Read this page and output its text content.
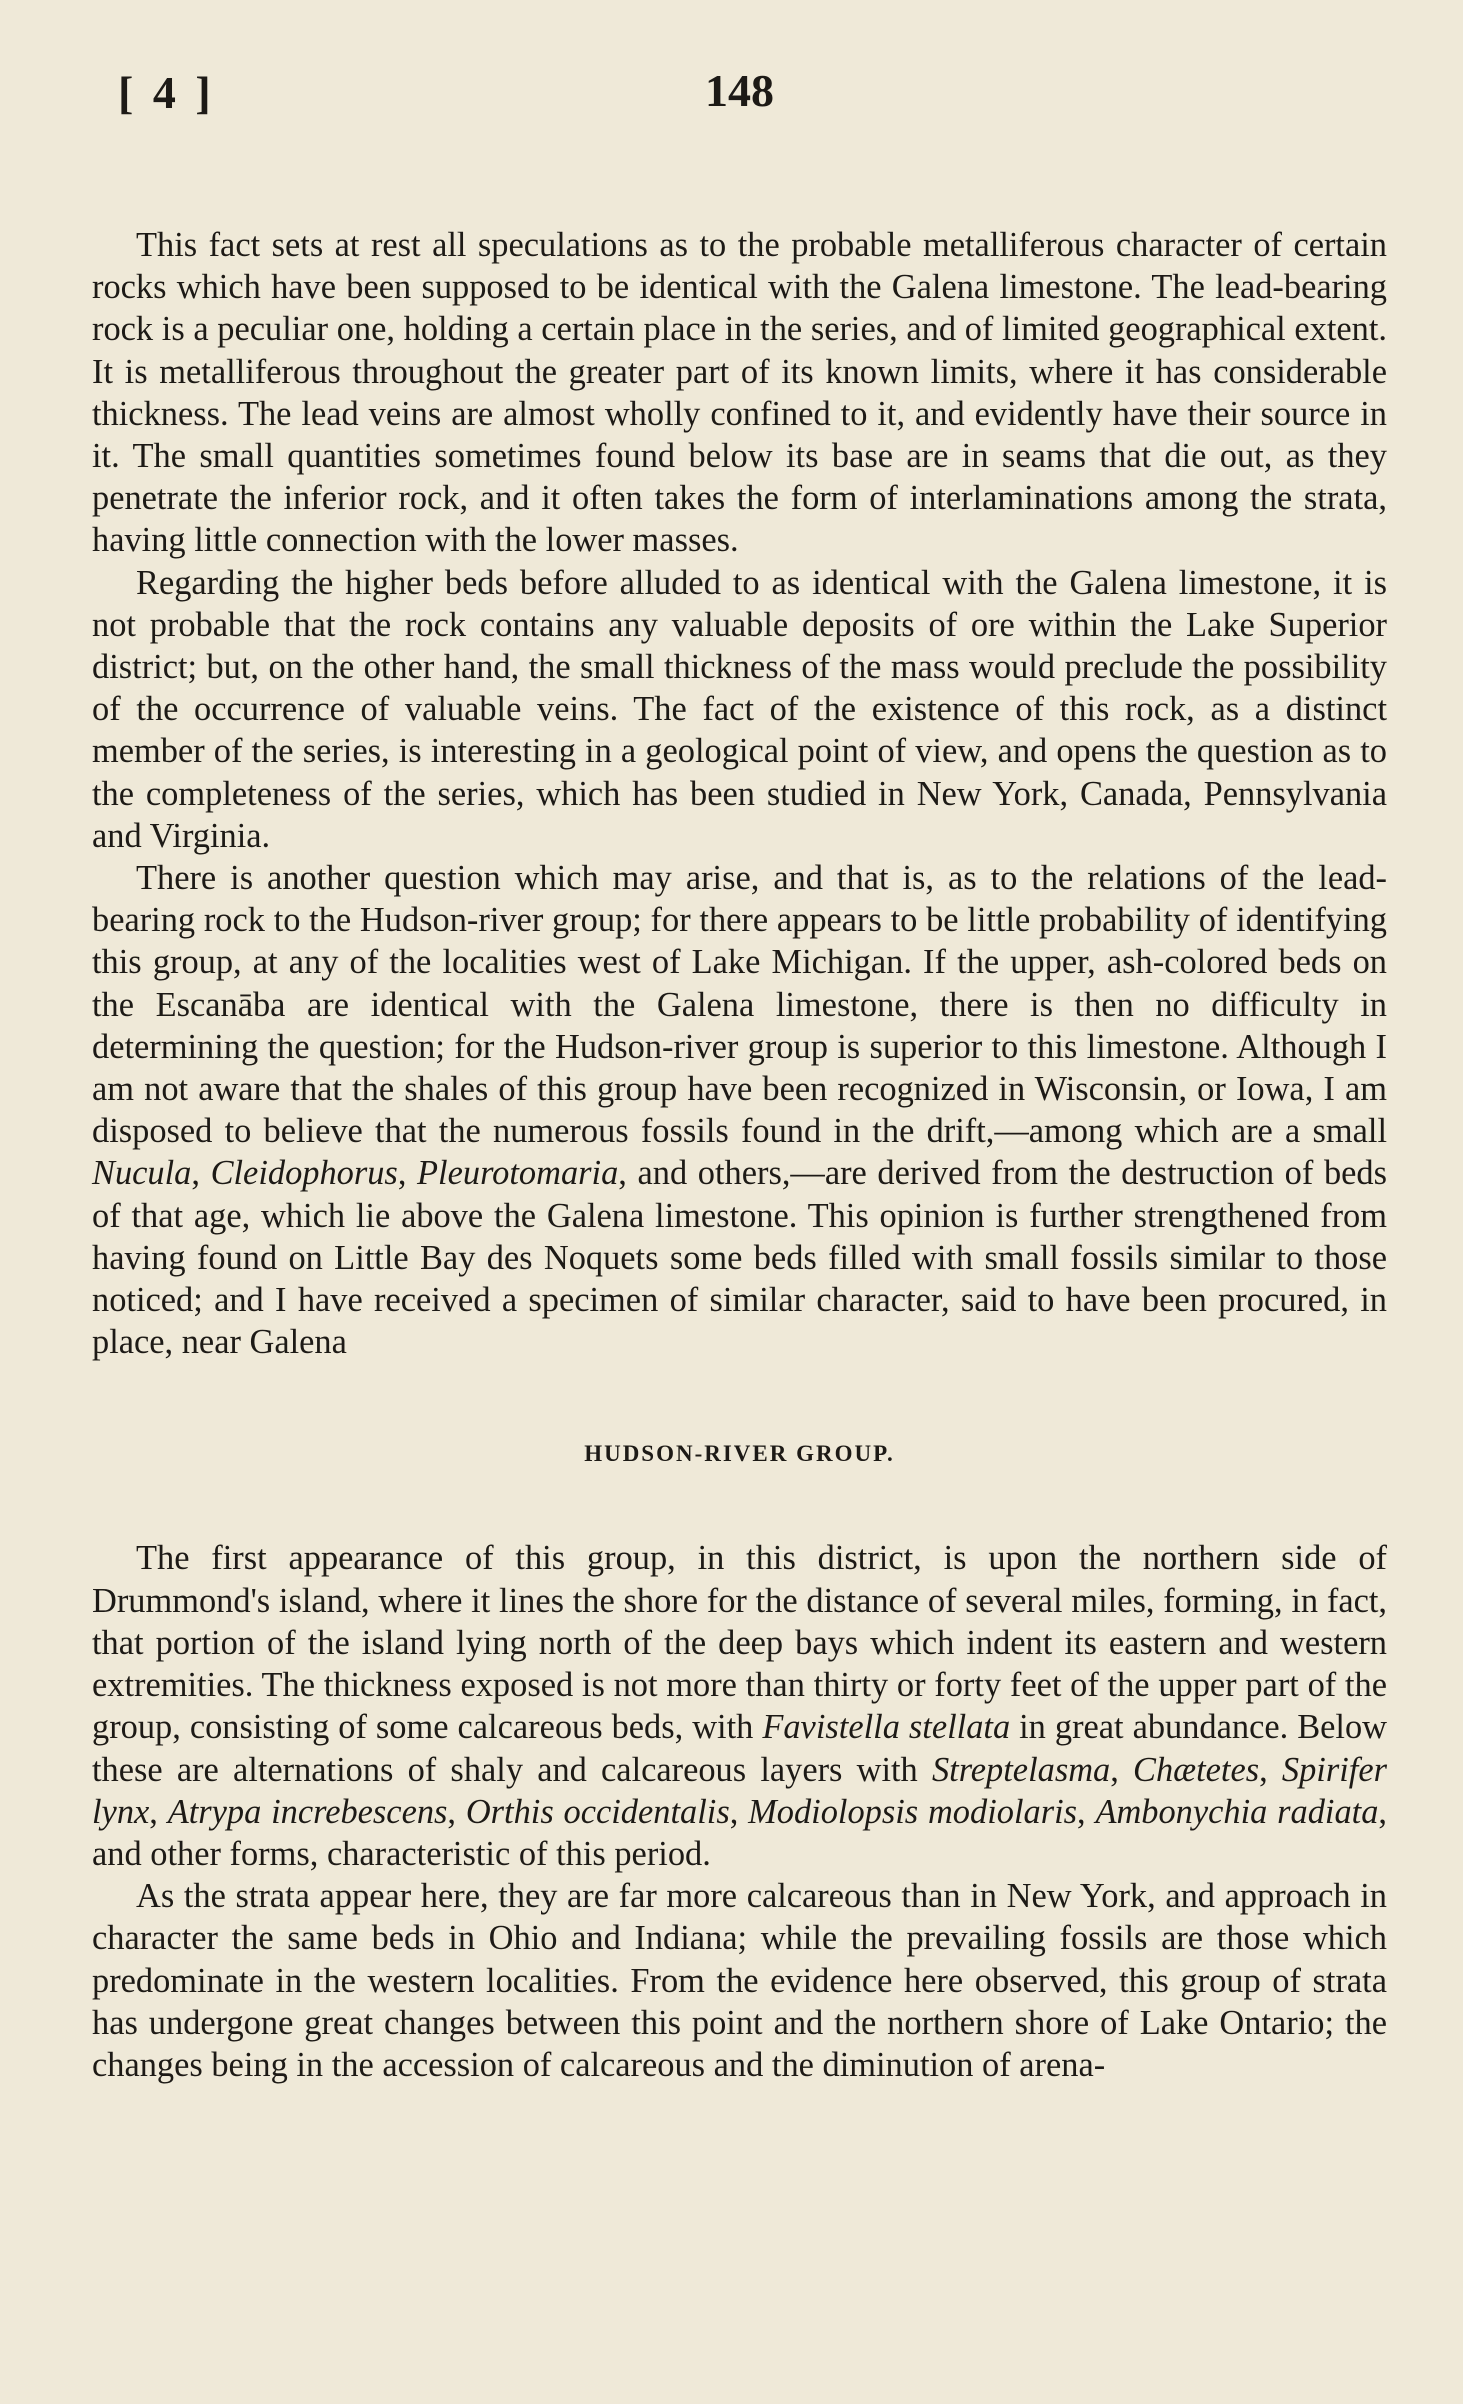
[ 4 ]	148

This fact sets at rest all speculations as to the probable metalliferous character of certain rocks which have been supposed to be identical with the Galena limestone. The lead-bearing rock is a peculiar one, holding a certain place in the series, and of limited geographical extent. It is metalliferous throughout the greater part of its known limits, where it has considerable thickness. The lead veins are almost wholly confined to it, and evidently have their source in it. The small quantities sometimes found below its base are in seams that die out, as they penetrate the inferior rock, and it often takes the form of interlaminations among the strata, having little connection with the lower masses.

Regarding the higher beds before alluded to as identical with the Galena limestone, it is not probable that the rock contains any valuable deposits of ore within the Lake Superior district; but, on the other hand, the small thickness of the mass would preclude the possibility of the occurrence of valuable veins. The fact of the existence of this rock, as a distinct member of the series, is interesting in a geological point of view, and opens the question as to the completeness of the series, which has been studied in New York, Canada, Pennsylvania and Virginia.

There is another question which may arise, and that is, as to the relations of the lead-bearing rock to the Hudson-river group; for there appears to be little probability of identifying this group, at any of the localities west of Lake Michigan. If the upper, ash-colored beds on the Escanāba are identical with the Galena limestone, there is then no difficulty in determining the question; for the Hudson-river group is superior to this limestone. Although I am not aware that the shales of this group have been recognized in Wisconsin, or Iowa, I am disposed to believe that the numerous fossils found in the drift,—among which are a small Nucula, Cleidophorus, Pleurotomaria, and others,—are derived from the destruction of beds of that age, which lie above the Galena limestone. This opinion is further strengthened from having found on Little Bay des Noquets some beds filled with small fossils similar to those noticed; and I have received a specimen of similar character, said to have been procured, in place, near Galena

HUDSON-RIVER GROUP.

The first appearance of this group, in this district, is upon the northern side of Drummond's island, where it lines the shore for the distance of several miles, forming, in fact, that portion of the island lying north of the deep bays which indent its eastern and western extremities. The thickness exposed is not more than thirty or forty feet of the upper part of the group, consisting of some calcareous beds, with Favistella stellata in great abundance. Below these are alternations of shaly and calcareous layers with Streptelasma, Chætetes, Spirifer lynx, Atrypa increbescens, Orthis occidentalis, Modiolopsis modiolaris, Ambonychia radiata, and other forms, characteristic of this period.

As the strata appear here, they are far more calcareous than in New York, and approach in character the same beds in Ohio and Indiana; while the prevailing fossils are those which predominate in the western localities. From the evidence here observed, this group of strata has undergone great changes between this point and the northern shore of Lake Ontario; the changes being in the accession of calcareous and the diminution of arena-
